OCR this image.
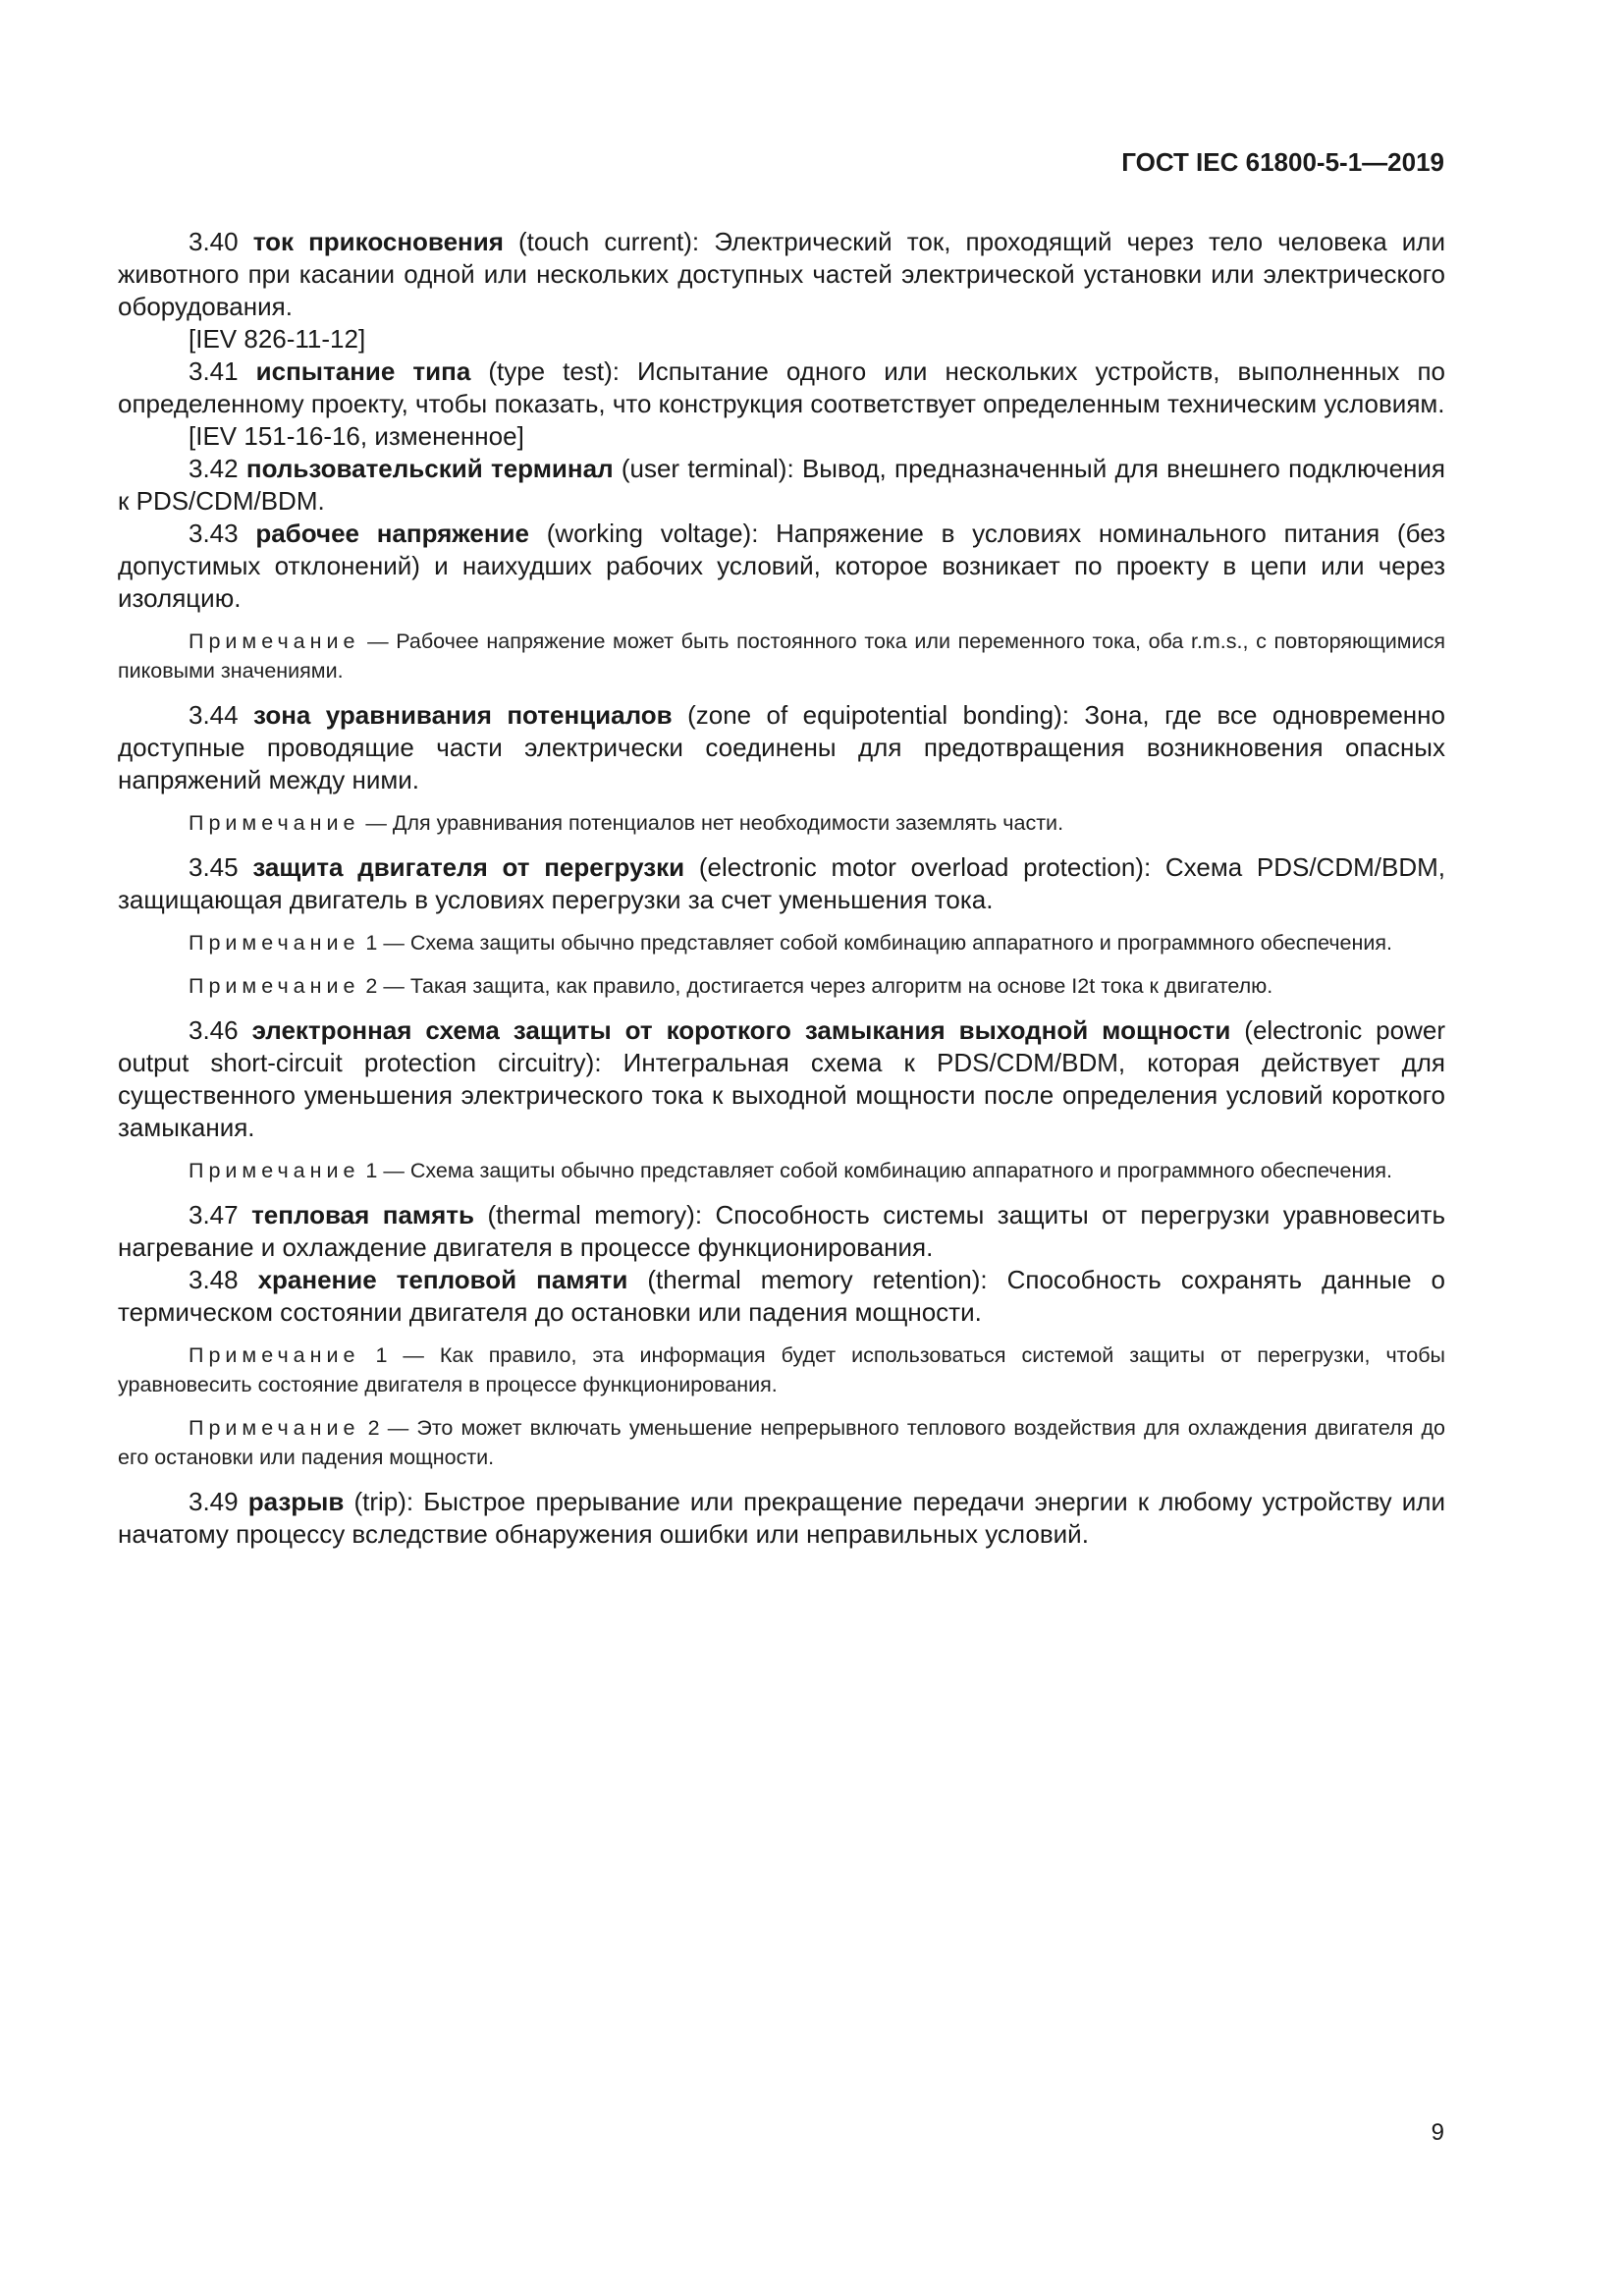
ГОСТ IEC 61800-5-1—2019

3.40 ток прикосновения (touch current): Электрический ток, проходящий через тело человека или животного при касании одной или нескольких доступных частей электрической установки или электрического оборудования.

[IEV 826-11-12]

3.41 испытание типа (type test): Испытание одного или нескольких устройств, выполненных по определенному проекту, чтобы показать, что конструкция соответствует определенным техническим условиям.

[IEV 151-16-16, измененное]

3.42 пользовательский терминал (user terminal): Вывод, предназначенный для внешнего подключения к PDS/CDM/BDM.

3.43 рабочее напряжение (working voltage): Напряжение в условиях номинального питания (без допустимых отклонений) и наихудших рабочих условий, которое возникает по проекту в цепи или через изоляцию.

Примечание — Рабочее напряжение может быть постоянного тока или переменного тока, оба r.m.s., с повторяющимися пиковыми значениями.

3.44 зона уравнивания потенциалов (zone of equipotential bonding): Зона, где все одновременно доступные проводящие части электрически соединены для предотвращения возникновения опасных напряжений между ними.

Примечание — Для уравнивания потенциалов нет необходимости заземлять части.

3.45 защита двигателя от перегрузки (electronic motor overload protection): Схема PDS/CDM/BDM, защищающая двигатель в условиях перегрузки за счет уменьшения тока.

Примечание 1 — Схема защиты обычно представляет собой комбинацию аппаратного и программного обеспечения.

Примечание 2 — Такая защита, как правило, достигается через алгоритм на основе I2t тока к двигателю.

3.46 электронная схема защиты от короткого замыкания выходной мощности (electronic power output short-circuit protection circuitry): Интегральная схема к PDS/CDM/BDM, которая действует для существенного уменьшения электрического тока к выходной мощности после определения условий короткого замыкания.

Примечание 1 — Схема защиты обычно представляет собой комбинацию аппаратного и программного обеспечения.

3.47 тепловая память (thermal memory): Способность системы защиты от перегрузки уравновесить нагревание и охлаждение двигателя в процессе функционирования.

3.48 хранение тепловой памяти (thermal memory retention): Способность сохранять данные о термическом состоянии двигателя до остановки или падения мощности.

Примечание 1 — Как правило, эта информация будет использоваться системой защиты от перегрузки, чтобы уравновесить состояние двигателя в процессе функционирования.

Примечание 2 — Это может включать уменьшение непрерывного теплового воздействия для охлаждения двигателя до его остановки или падения мощности.

3.49 разрыв (trip): Быстрое прерывание или прекращение передачи энергии к любому устройству или начатому процессу вследствие обнаружения ошибки или неправильных условий.

9
